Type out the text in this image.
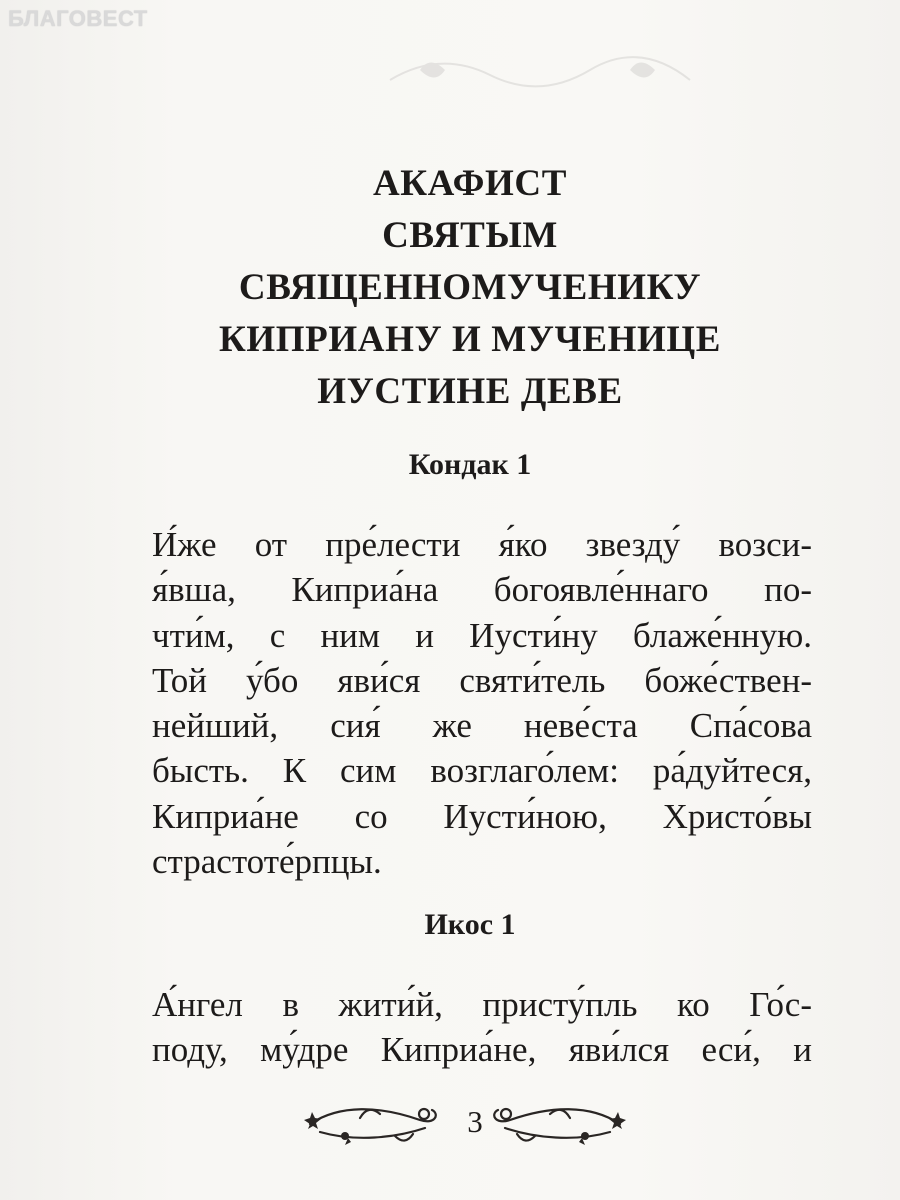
БЛАГОВЕСТ

АКАФИСТ
СВЯТЫМ
СВЯЩЕННОМУЧЕНИКУ
КИПРИАНУ И МУЧЕНИЦЕ
ИУСТИНЕ ДЕВЕ
Кондак 1

И́же от пре́лести я́ко звезду́ возси-
я́вша, Киприа́на богоявле́ннаго по-
чти́м, с ним и Иусти́ну блаже́нную.
Той у́бо яви́ся святи́тель боже́ствен-
нейший, сия́ же неве́ста Спа́сова
бысть. К сим возглаго́лем: ра́дуйтеся,
Киприа́не со Иусти́ною, Христо́вы
страстоте́рпцы.

Икос 1

А́нгел в жити́й, присту́пль ко Го́с-
поду, му́дре Киприа́не, яви́лся еси́, и

3
